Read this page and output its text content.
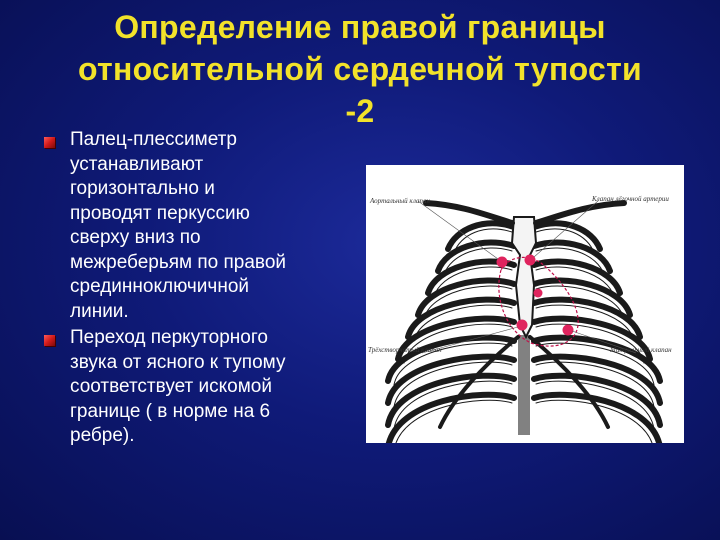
Определение правой границы
относительной сердечной тупости
-2
Палец-плессиметр
устанавливают
горизонтально и
проводят перкуссию
сверху вниз по
межреберьям по правой
срединноключичной
линии.
Переход перкуторного
звука от ясного к тупому
соответствует искомой
границе ( в норме на 6
ребре).
Аортальный клапан	Клапан лёгочной артерии
Трёхстворчатый клапан	Митральный клапан
